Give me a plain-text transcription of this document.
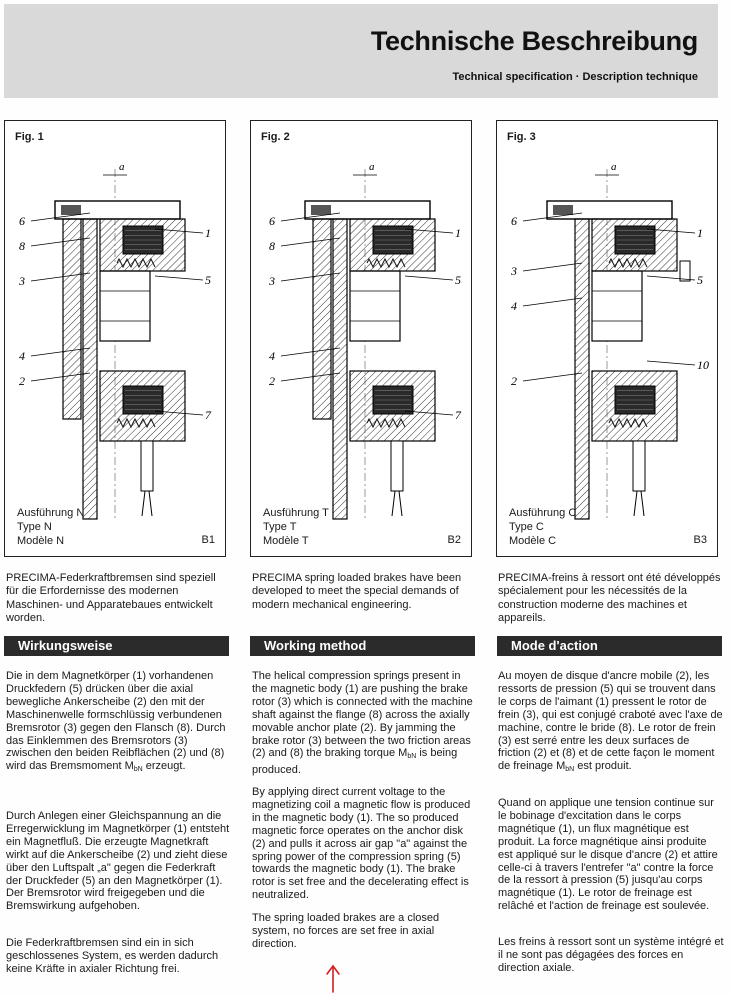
Technische Beschreibung
Technical specification · Description technique
Fig. 1
a
6
8
3
4
2
1
5
7
Ausführung N
Type N
Modèle N	B1
Fig. 2
a
6
8
3
4
2
1
5
7
Ausführung T
Type T
Modèle T	B2
Fig. 3
a
6
3
4
2
1
5
10
Ausführung C
Type C
Modèle C	B3
PRECIMA-Federkraftbremsen sind speziell für die Erfordernisse des modernen Maschinen- und Apparatebaues entwickelt worden.
PRECIMA spring loaded brakes have been developed to meet the special demands of modern mechanical engineering.
PRECIMA-freins à ressort ont été développés spécialement pour les nécessités de la construction moderne des machines et appareils.
Wirkungsweise	Working method	Mode d'action
Die in dem Magnetkörper (1) vorhandenen Druckfedern (5) drücken über die axial bewegliche Ankerscheibe (2) den mit der Maschinenwelle formschlüssig verbundenen Bremsrotor (3) gegen den Flansch (8). Durch das Einklemmen des Bremsrotors (3) zwischen den beiden Reibflächen (2) und (8) wird das Bremsmoment $M_{bN}$ erzeugt.
Durch Anlegen einer Gleichspannung an die Erregerwicklung im Magnetkörper (1) entsteht ein Magnetfluß. Die erzeugte Magnetkraft wirkt auf die Ankerscheibe (2) und zieht diese über den Luftspalt „a" gegen die Federkraft der Druckfeder (5) an den Magnetkörper (1). Der Bremsrotor wird freigegeben und die Bremswirkung aufgehoben.
Die Federkraftbremsen sind ein in sich geschlossenes System, es werden dadurch keine Kräfte in axialer Richtung frei.
The helical compression springs present in the magnetic body (1) are pushing the brake rotor (3) which is connected with the machine shaft against the flange (8) across the axially movable anchor plate (2). By jamming the brake rotor (3) between the two friction areas (2) and (8) the braking torque $M_{bN}$ is being produced.
By applying direct current voltage to the magnetizing coil a magnetic flow is produced in the magnetic body (1). The so produced magnetic force operates on the anchor disk (2) and pulls it across air gap "a" against the spring power of the compression spring (5) towards the magnetic body (1). The brake rotor is set free and the decelerating effect is neutralized.
The spring loaded brakes are a closed system, no forces are set free in axial direction.
Au moyen de disque d'ancre mobile (2), les ressorts de pression (5) qui se trouvent dans le corps de l'aimant (1) pressent le rotor de frein (3), qui est conjugé craboté avec l'axe de machine, contre le bride (8). Le rotor de frein (3) est serré entre les deux surfaces de friction (2) et (8) et de cette façon le moment de freinage $M_{bN}$ est produit.
Quand on applique une tension continue sur le bobinage d'excitation dans le corps magnétique (1), un flux magnétique est produit. La force magnétique ainsi produite est appliqué sur le disque d'ancre (2) et attire celle-ci à travers l'entrefer "a" contre la force de la ressort à pression (5) jusqu'au corps magnétique (1). Le rotor de freinage est relâché et l'action de freinage est soulevée.
Les freins à ressort sont un système intégré et il ne sont pas dégagées des forces en direction axiale.
